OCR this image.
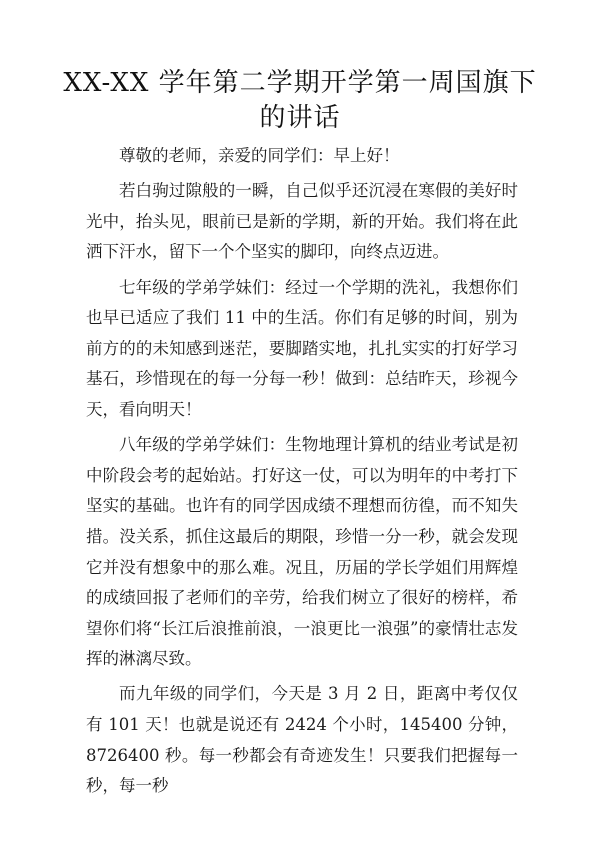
XX-XX 学年第二学期开学第一周国旗下
的讲话

尊敬的老师，亲爱的同学们：早上好！

若白驹过隙般的一瞬，自己似乎还沉浸在寒假的美好时光中，抬头见，眼前已是新的学期，新的开始。我们将在此洒下汗水，留下一个个坚实的脚印，向终点迈进。

七年级的学弟学妹们：经过一个学期的洗礼，我想你们也早已适应了我们 11 中的生活。你们有足够的时间，别为前方的的未知感到迷茫，要脚踏实地，扎扎实实的打好学习基石，珍惜现在的每一分每一秒！做到：总结昨天，珍视今天，看向明天！

八年级的学弟学妹们：生物地理计算机的结业考试是初中阶段会考的起始站。打好这一仗，可以为明年的中考打下坚实的基础。也许有的同学因成绩不理想而彷徨，而不知失措。没关系，抓住这最后的期限，珍惜一分一秒，就会发现它并没有想象中的那么难。况且，历届的学长学姐们用辉煌的成绩回报了老师们的辛劳，给我们树立了很好的榜样，希望你们将“长江后浪推前浪，一浪更比一浪强”的豪情壮志发挥的淋漓尽致。

而九年级的同学们，今天是 3 月 2 日，距离中考仅仅有 101 天！也就是说还有 2424 个小时，145400 分钟，8726400 秒。每一秒都会有奇迹发生！只要我们把握每一秒，每一秒
